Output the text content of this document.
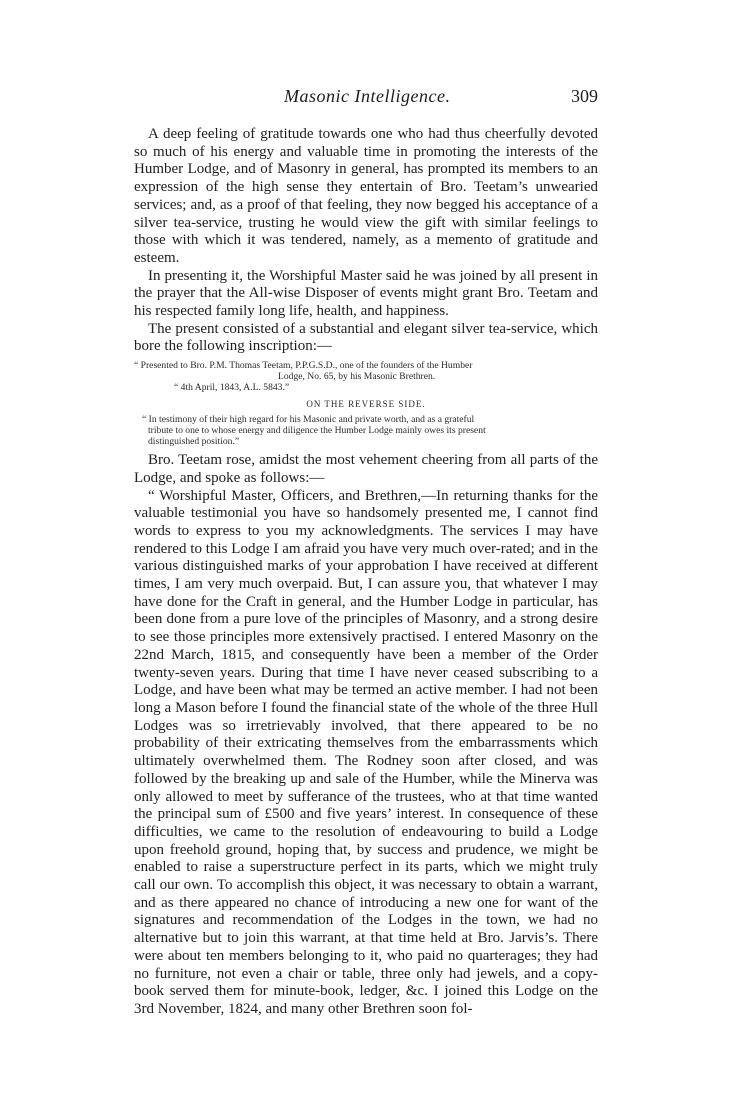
Masonic Intelligence.	309

A deep feeling of gratitude towards one who had thus cheerfully devoted so much of his energy and valuable time in promoting the interests of the Humber Lodge, and of Masonry in general, has prompted its members to an expression of the high sense they entertain of Bro. Teetam’s unwearied services; and, as a proof of that feeling, they now begged his acceptance of a silver tea-service, trusting he would view the gift with similar feelings to those with which it was tendered, namely, as a memento of gratitude and esteem.

In presenting it, the Worshipful Master said he was joined by all present in the prayer that the All-wise Disposer of events might grant Bro. Teetam and his respected family long life, health, and happiness.

The present consisted of a substantial and elegant silver tea-service, which bore the following inscription:—

“ Presented to Bro. P.M. Thomas Teetam, P.P.G.S.D., one of the founders of the Humber
Lodge, No. 65, by his Masonic Brethren.
“ 4th April, 1843, A.L. 5843.”
ON THE REVERSE SIDE.
“ In testimony of their high regard for his Masonic and private worth, and as a grateful
tribute to one to whose energy and diligence the Humber Lodge mainly owes its present
distinguished position.”

Bro. Teetam rose, amidst the most vehement cheering from all parts of the Lodge, and spoke as follows:—

“ Worshipful Master, Officers, and Brethren,—In returning thanks for the valuable testimonial you have so handsomely presented me, I cannot find words to express to you my acknowledgments. The services I may have rendered to this Lodge I am afraid you have very much over-rated; and in the various distinguished marks of your approbation I have received at different times, I am very much overpaid. But, I can assure you, that whatever I may have done for the Craft in general, and the Humber Lodge in particular, has been done from a pure love of the principles of Masonry, and a strong desire to see those principles more extensively practised. I entered Masonry on the 22nd March, 1815, and consequently have been a member of the Order twenty-seven years. During that time I have never ceased subscribing to a Lodge, and have been what may be termed an active member. I had not been long a Mason before I found the financial state of the whole of the three Hull Lodges was so irretrievably involved, that there appeared to be no probability of their extricating themselves from the embarrassments which ultimately overwhelmed them. The Rodney soon after closed, and was followed by the breaking up and sale of the Humber, while the Minerva was only allowed to meet by sufferance of the trustees, who at that time wanted the principal sum of £500 and five years’ interest. In consequence of these difficulties, we came to the resolution of endeavouring to build a Lodge upon freehold ground, hoping that, by success and prudence, we might be enabled to raise a superstructure perfect in its parts, which we might truly call our own. To accomplish this object, it was necessary to obtain a warrant, and as there appeared no chance of introducing a new one for want of the signatures and recommendation of the Lodges in the town, we had no alternative but to join this warrant, at that time held at Bro. Jarvis’s. There were about ten members belonging to it, who paid no quarterages; they had no furniture, not even a chair or table, three only had jewels, and a copy-book served them for minute-book, ledger, &c. I joined this Lodge on the 3rd November, 1824, and many other Brethren soon fol-
